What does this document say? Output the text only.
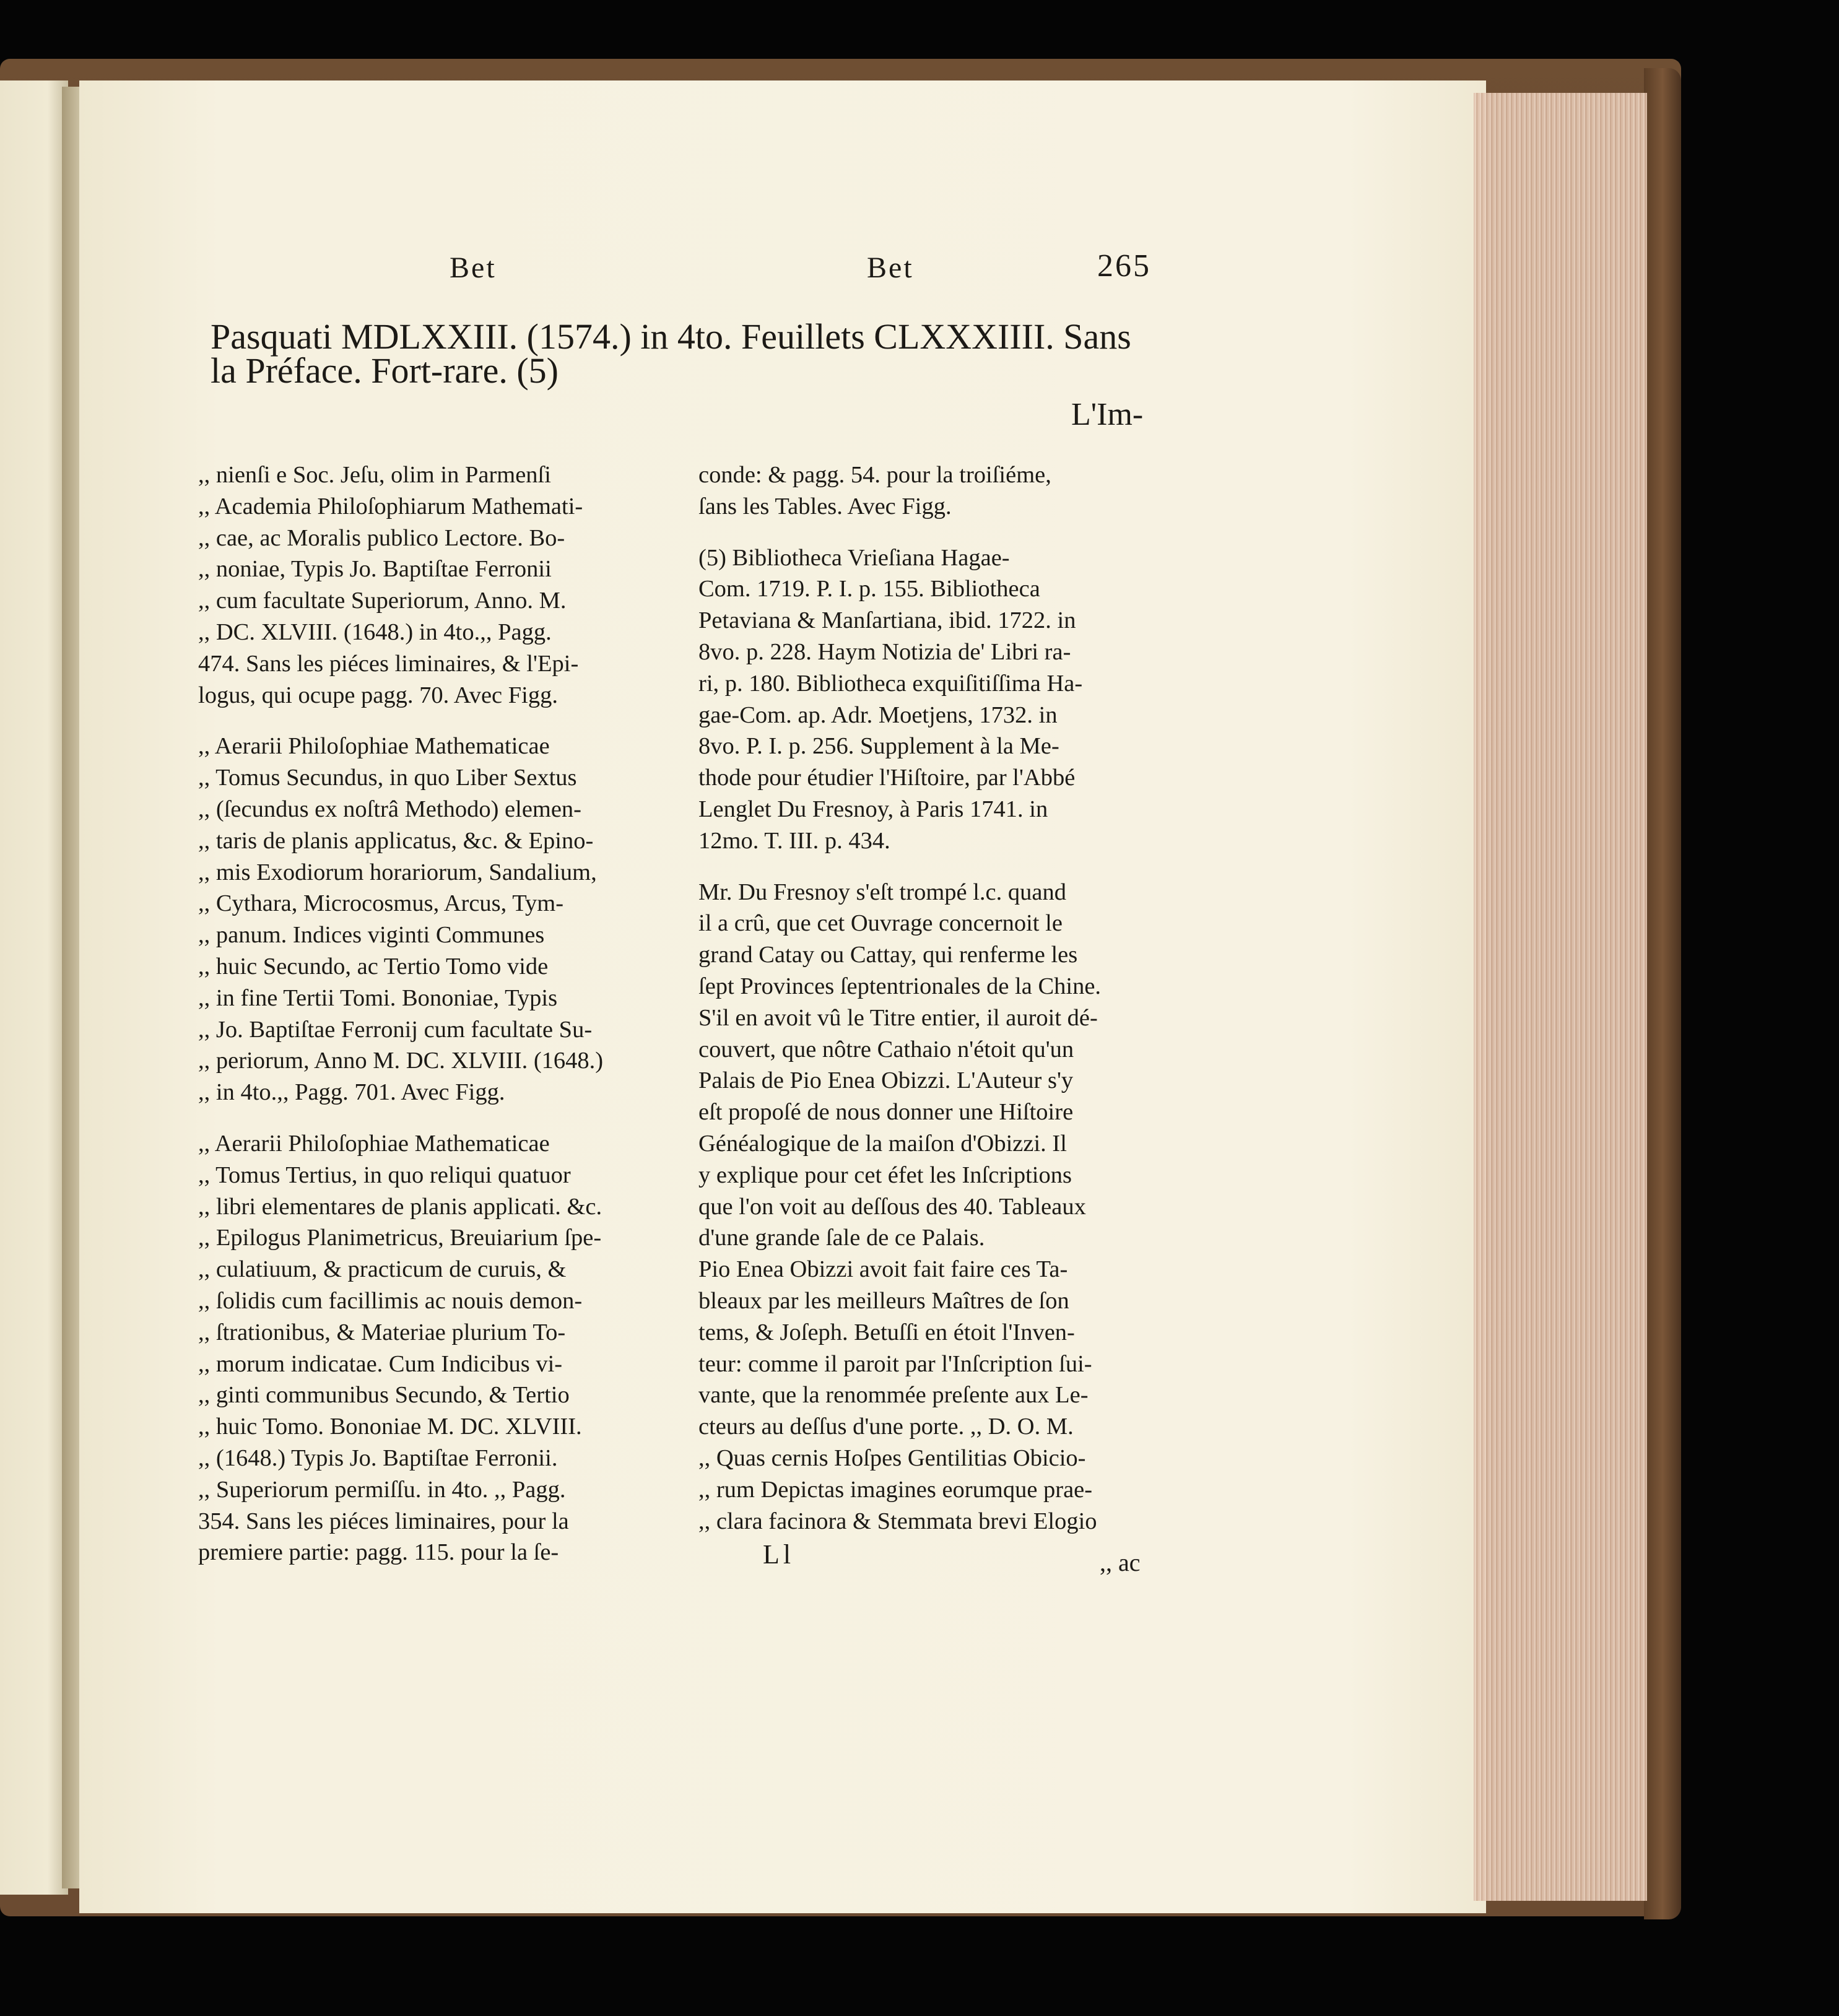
Bet	Bet	265
Pasquati MDLXXIII. (1574.) in 4to. Feuillets CLXXXIIII. Sans
la Préface. Fort-rare. (5)
L'Im-

,, nienſi e Soc. Jeſu, olim in Parmenſi

,, Academia Philoſophiarum Mathemati-

,, cae, ac Moralis publico Lectore. Bo-

,, noniae, Typis Jo. Baptiſtae Ferronii

,, cum facultate Superiorum, Anno. M.

,, DC. XLVIII. (1648.) in 4to.,, Pagg.

474. Sans les piéces liminaires, & l'Epi-

logus, qui ocupe pagg. 70. Avec Figg.

,, Aerarii Philoſophiae Mathematicae

,, Tomus Secundus, in quo Liber Sextus

,, (ſecundus ex noſtrâ Methodo) elemen-

,, taris de planis applicatus, &c. & Epino-

,, mis Exodiorum horariorum, Sandalium,

,, Cythara, Microcosmus, Arcus, Tym-

,, panum. Indices viginti Communes

,, huic Secundo, ac Tertio Tomo vide

,, in fine Tertii Tomi. Bononiae, Typis

,, Jo. Baptiſtae Ferronij cum facultate Su-

,, periorum, Anno M. DC. XLVIII. (1648.)

,, in 4to.,, Pagg. 701. Avec Figg.

,, Aerarii Philoſophiae Mathematicae

,, Tomus Tertius, in quo reliqui quatuor

,, libri elementares de planis applicati. &c.

,, Epilogus Planimetricus, Breuiarium ſpe-

,, culatiuum, & practicum de curuis, &

,, ſolidis cum facillimis ac nouis demon-

,, ſtrationibus, & Materiae plurium To-

,, morum indicatae. Cum Indicibus vi-

,, ginti communibus Secundo, & Tertio

,, huic Tomo. Bononiae M. DC. XLVIII.

,, (1648.) Typis Jo. Baptiſtae Ferronii.

,, Superiorum permiſſu. in 4to. ,, Pagg.

354. Sans les piéces liminaires, pour la

premiere partie: pagg. 115. pour la ſe-

conde: & pagg. 54. pour la troiſiéme,

ſans les Tables. Avec Figg.

(5) Bibliotheca Vrieſiana Hagae-

Com. 1719. P. I. p. 155. Bibliotheca

Petaviana & Manſartiana, ibid. 1722. in

8vo. p. 228. Haym Notizia de' Libri ra-

ri, p. 180. Bibliotheca exquiſitiſſima Ha-

gae-Com. ap. Adr. Moetjens, 1732. in

8vo. P. I. p. 256. Supplement à la Me-

thode pour étudier l'Hiſtoire, par l'Abbé

Lenglet Du Fresnoy, à Paris 1741. in

12mo. T. III. p. 434.

Mr. Du Fresnoy s'eſt trompé l.c. quand

il a crû, que cet Ouvrage concernoit le

grand Catay ou Cattay, qui renferme les

ſept Provinces ſeptentrionales de la Chine.

S'il en avoit vû le Titre entier, il auroit dé-

couvert, que nôtre Cathaio n'étoit qu'un

Palais de Pio Enea Obizzi. L'Auteur s'y

eſt propoſé de nous donner une Hiſtoire

Généalogique de la maiſon d'Obizzi. Il

y explique pour cet éfet les Inſcriptions

que l'on voit au deſſous des 40. Tableaux

d'une grande ſale de ce Palais.

Pio Enea Obizzi avoit fait faire ces Ta-

bleaux par les meilleurs Maîtres de ſon

tems, & Joſeph. Betuſſi en étoit l'Inven-

teur: comme il paroit par l'Inſcription ſui-

vante, que la renommée preſente aux Le-

cteurs au deſſus d'une porte. ,, D. O. M.

,, Quas cernis Hoſpes Gentilitias Obicio-

,, rum Depictas imagines eorumque prae-

,, clara facinora & Stemmata brevi Elogio

Ll	,, ac
